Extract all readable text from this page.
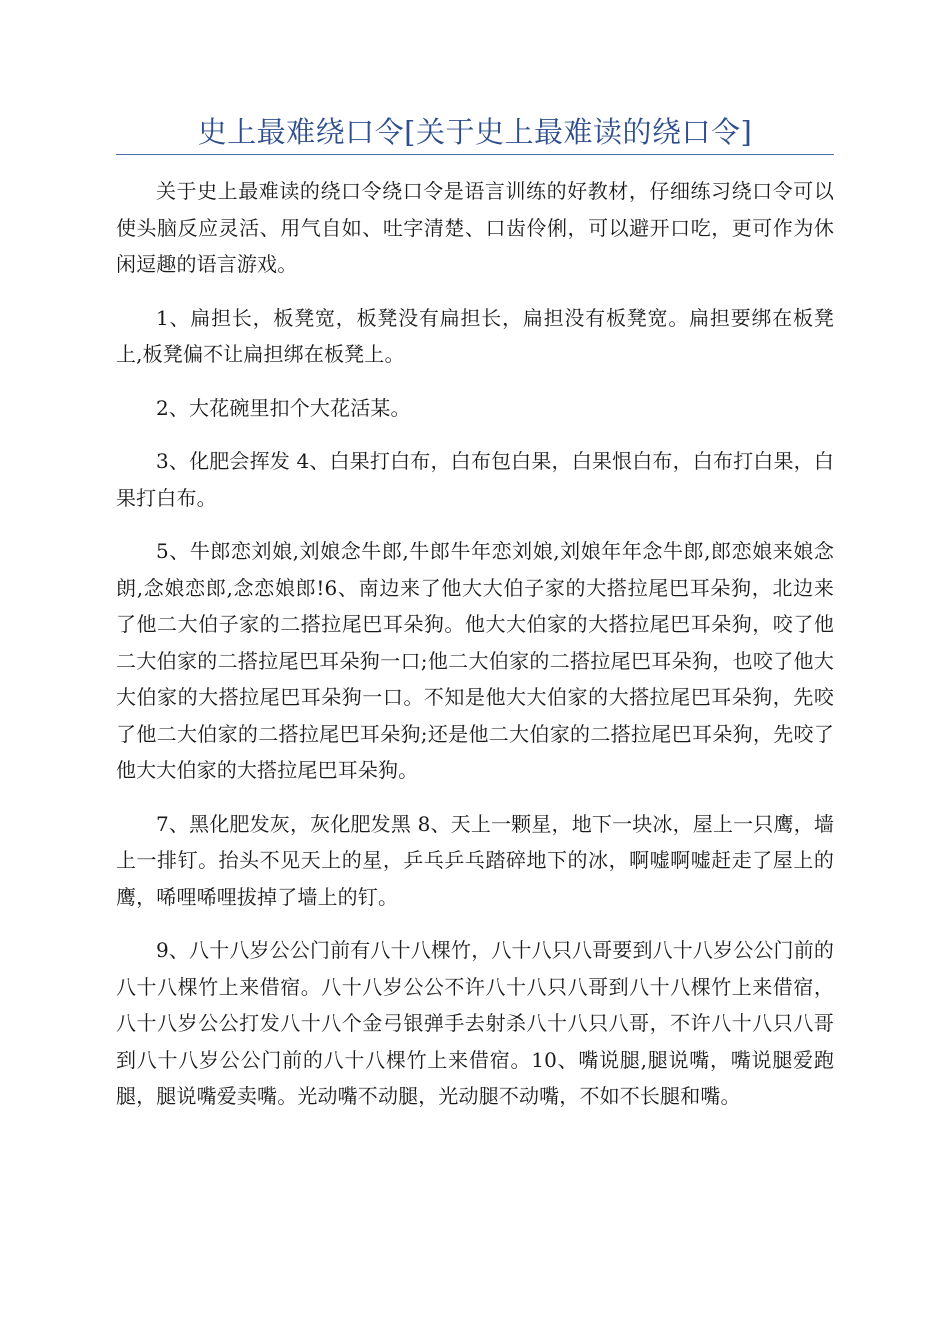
史上最难绕口令[关于史上最难读的绕口令]

关于史上最难读的绕口令绕口令是语言训练的好教材，仔细练习绕口令可以使头脑反应灵活、用气自如、吐字清楚、口齿伶俐，可以避开口吃，更可作为休闲逗趣的语言游戏。

1、扁担长，板凳宽，板凳没有扁担长，扁担没有板凳宽。扁担要绑在板凳上,板凳偏不让扁担绑在板凳上。

2、大花碗里扣个大花活某。

3、化肥会挥发 4、白果打白布，白布包白果，白果恨白布，白布打白果，白果打白布。

5、牛郎恋刘娘,刘娘念牛郎,牛郎牛年恋刘娘,刘娘年年念牛郎,郎恋娘来娘念朗,念娘恋郎,念恋娘郎!6、南边来了他大大伯子家的大搭拉尾巴耳朵狗，北边来了他二大伯子家的二搭拉尾巴耳朵狗。他大大伯家的大搭拉尾巴耳朵狗，咬了他二大伯家的二搭拉尾巴耳朵狗一口;他二大伯家的二搭拉尾巴耳朵狗，也咬了他大大伯家的大搭拉尾巴耳朵狗一口。不知是他大大伯家的大搭拉尾巴耳朵狗，先咬了他二大伯家的二搭拉尾巴耳朵狗;还是他二大伯家的二搭拉尾巴耳朵狗，先咬了他大大伯家的大搭拉尾巴耳朵狗。

7、黑化肥发灰，灰化肥发黑 8、天上一颗星，地下一块冰，屋上一只鹰，墙上一排钉。抬头不见天上的星，乒乓乒乓踏碎地下的冰，啊嘘啊嘘赶走了屋上的鹰，唏哩唏哩拔掉了墙上的钉。

9、八十八岁公公门前有八十八棵竹，八十八只八哥要到八十八岁公公门前的八十八棵竹上来借宿。八十八岁公公不许八十八只八哥到八十八棵竹上来借宿，八十八岁公公打发八十八个金弓银弹手去射杀八十八只八哥，不许八十八只八哥到八十八岁公公门前的八十八棵竹上来借宿。10、嘴说腿,腿说嘴，嘴说腿爱跑腿，腿说嘴爱卖嘴。光动嘴不动腿，光动腿不动嘴，不如不长腿和嘴。
